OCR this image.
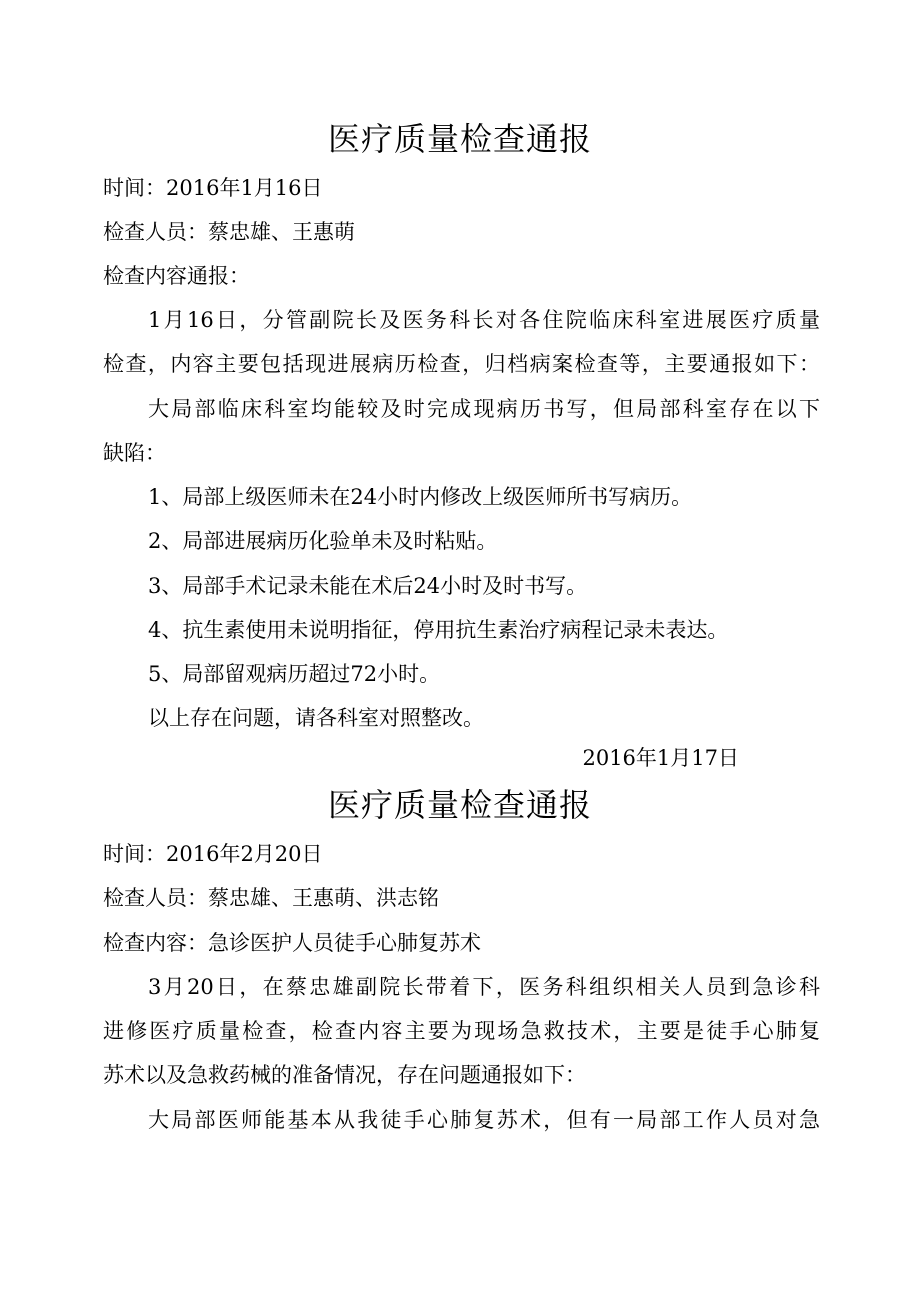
医疗质量检查通报
时间：2016年1月16日
检查人员：蔡忠雄、王惠萌
检查内容通报：
1月16日，分管副院长及医务科长对各住院临床科室进展医疗质量
检查，内容主要包括现进展病历检查，归档病案检查等，主要通报如下：
大局部临床科室均能较及时完成现病历书写，但局部科室存在以下
缺陷：
1、局部上级医师未在24小时内修改上级医师所书写病历。
2、局部进展病历化验单未及时粘贴。
3、局部手术记录未能在术后24小时及时书写。
4、抗生素使用未说明指征，停用抗生素治疗病程记录未表达。
5、局部留观病历超过72小时。
以上存在问题，请各科室对照整改。
2016年1月17日
医疗质量检查通报
时间：2016年2月20日
检查人员：蔡忠雄、王惠萌、洪志铭
检查内容：急诊医护人员徒手心肺复苏术
3月20日，在蔡忠雄副院长带着下，医务科组织相关人员到急诊科
进修医疗质量检查，检查内容主要为现场急救技术，主要是徒手心肺复
苏术以及急救药械的准备情况，存在问题通报如下：
大局部医师能基本从我徒手心肺复苏术，但有一局部工作人员对急
